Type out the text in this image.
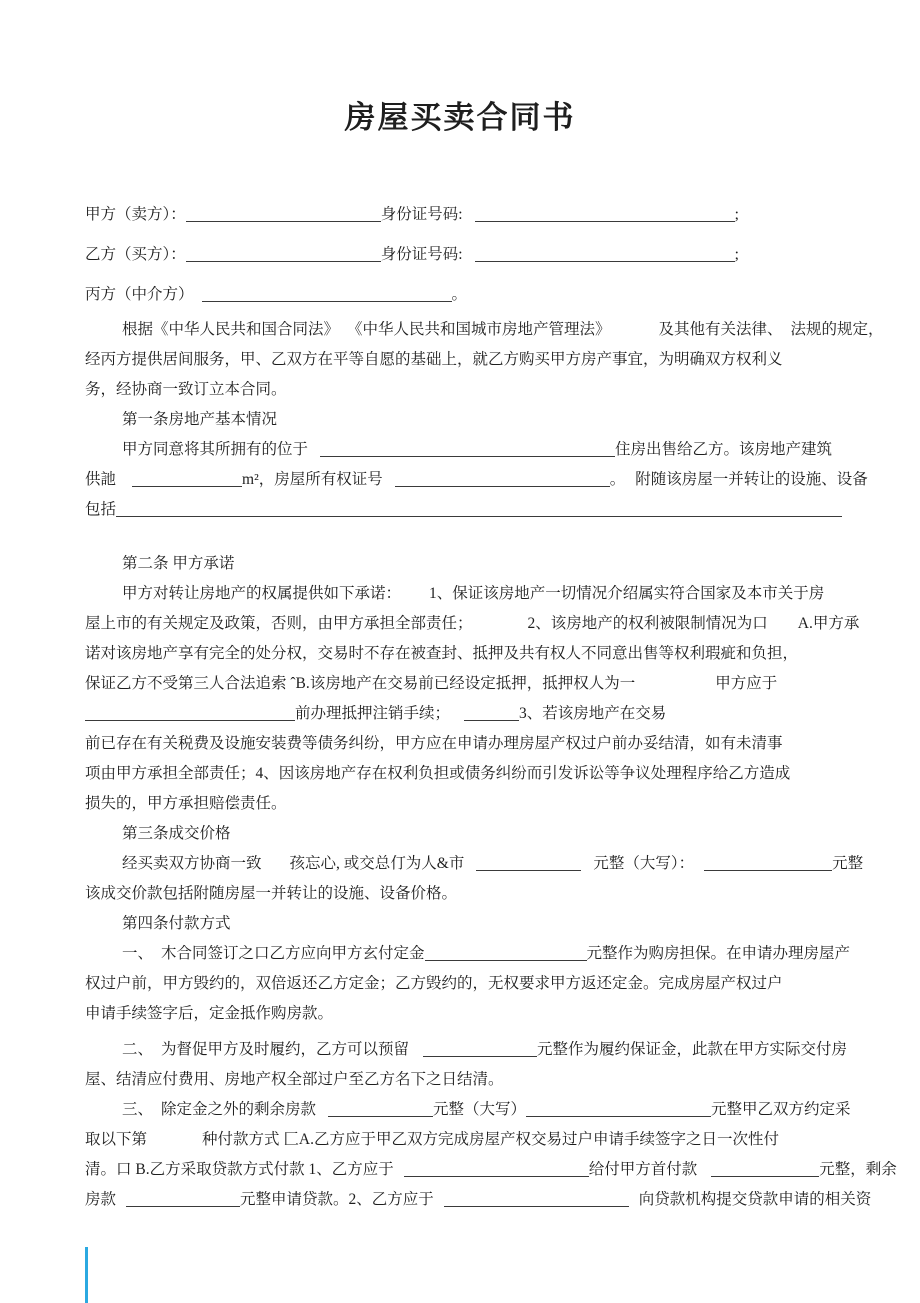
房屋买卖合同书
甲方（卖方）：	身份证号码:	;
乙方（买方）：	身份证号码:	;
丙方（中介方）	。
根据《中华人民共和国合同法》 《中华人民共和国城市房地产管理法》	及其他有关法律、 法规的规定，
经丙方提供居间服务，甲、乙双方在平等自愿的基础上，就乙方购买甲方房产事宜，为明确双方权利义
务，经协商一致订立本合同。
第一条房地产基本情况
甲方同意将其所拥有的位于	住房出售给乙方。该房地产建筑
供訑	m²，房屋所有权证号	。 附随该房屋一并转让的设施、设备
包括
第二条 甲方承诺
甲方对转让房地产的权属提供如下承诺： 1、保证该房地产一切情况介绍属实符合国家及本市关于房
屋上市的有关规定及政策，否则，由甲方承担全部责任；	2、该房地产的权利被限制情况为口 A.甲方承
诺对该房地产享有完全的处分权，交易时不存在被查封、抵押及共有权人不同意出售等权利瑕疵和负担，
保证乙方不受第三人合法追索 ˆB.该房地产在交易前已经设定抵押，抵押权人为一	甲方应于
前办理抵押注销手续；	3、若该房地产在交易
前已存在有关税费及设施安装费等债务纠纷，甲方应在申请办理房屋产权过户前办妥结清，如有未清事
项由甲方承担全部责任；4、因该房地产存在权利负担或债务纠纷而引发诉讼等争议处理程序给乙方造成
损失的，甲方承担赔偿责任。
第三条成交价格
经买卖双方协商一致 孩忘心, 或交总仃为人&市	元整（大写）：	元整
该成交价款包括附随房屋一并转让的设施、设备价格。
第四条付款方式
一、 木合同签订之口乙方应向甲方玄付定金	元整作为购房担保。在申请办理房屋产
权过户前，甲方毁约的，双倍返还乙方定金；乙方毁约的，无权要求甲方返还定金。完成房屋产权过户
申请手续签字后，定金抵作购房款。
二、 为督促甲方及时履约，乙方可以预留	元整作为履约保证金，此款在甲方实际交付房
屋、结清应付费用、房地产权全部过户至乙方名下之日结清。
三、 除定金之外的剩余房款	元整（大写）	元整甲乙双方约定采
取以下第	种付款方式 匚A.乙方应于甲乙双方完成房屋产权交易过户申请手续签字之日一次性付
清。口 B.乙方采取贷款方式付款 1、乙方应于	给付甲方首付款	元整，剩余
房款	元整申请贷款。2、乙方应于	向贷款机构提交贷款申请的相关资
